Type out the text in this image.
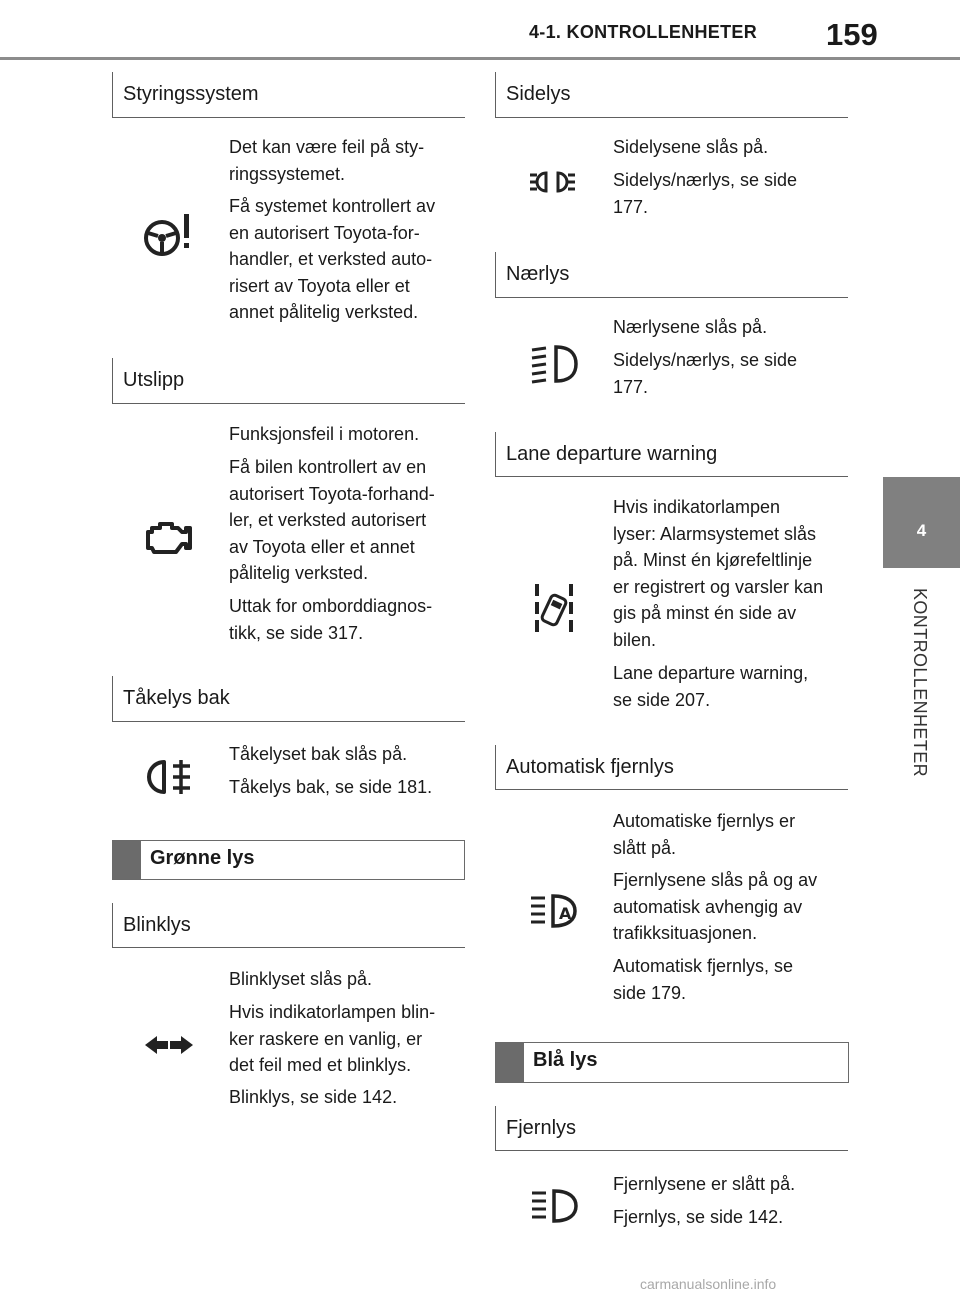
4-1. KONTROLLENHETER 159
4
KONTROLLENHETER
Styringssystem

Det kan være feil på sty-
ringssystemet.

Få systemet kontrollert av
en autorisert Toyota-for-
handler, et verksted auto-
risert av Toyota eller et
annet pålitelig verksted.

Utslipp

Funksjonsfeil i motoren.

Få bilen kontrollert av en
autorisert Toyota-forhand-
ler, et verksted autorisert
av Toyota eller et annet
pålitelig verksted.

Uttak for omborddiagnos-
tikk, se side 317.

Tåkelys bak

Tåkelyset bak slås på.

Tåkelys bak, se side 181.

Grønne lys
Blinklys

Blinklyset slås på.

Hvis indikatorlampen blin-
ker raskere en vanlig, er
det feil med et blinklys.

Blinklys, se side 142.

Sidelys

Sidelysene slås på.

Sidelys/nærlys, se side
177.

Nærlys

Nærlysene slås på.

Sidelys/nærlys, se side
177.

Lane departure warning

Hvis indikatorlampen
lyser: Alarmsystemet slås
på. Minst én kjørefeltlinje
er registrert og varsler kan
gis på minst én side av
bilen.

Lane departure warning,
se side 207.

Automatisk fjernlys
A

Automatiske fjernlys er
slått på.

Fjernlysene slås på og av
automatisk avhengig av
trafikksituasjonen.

Automatisk fjernlys, se
side 179.

Blå lys
Fjernlys

Fjernlysene er slått på.

Fjernlys, se side 142.

carmanualsonline.info
